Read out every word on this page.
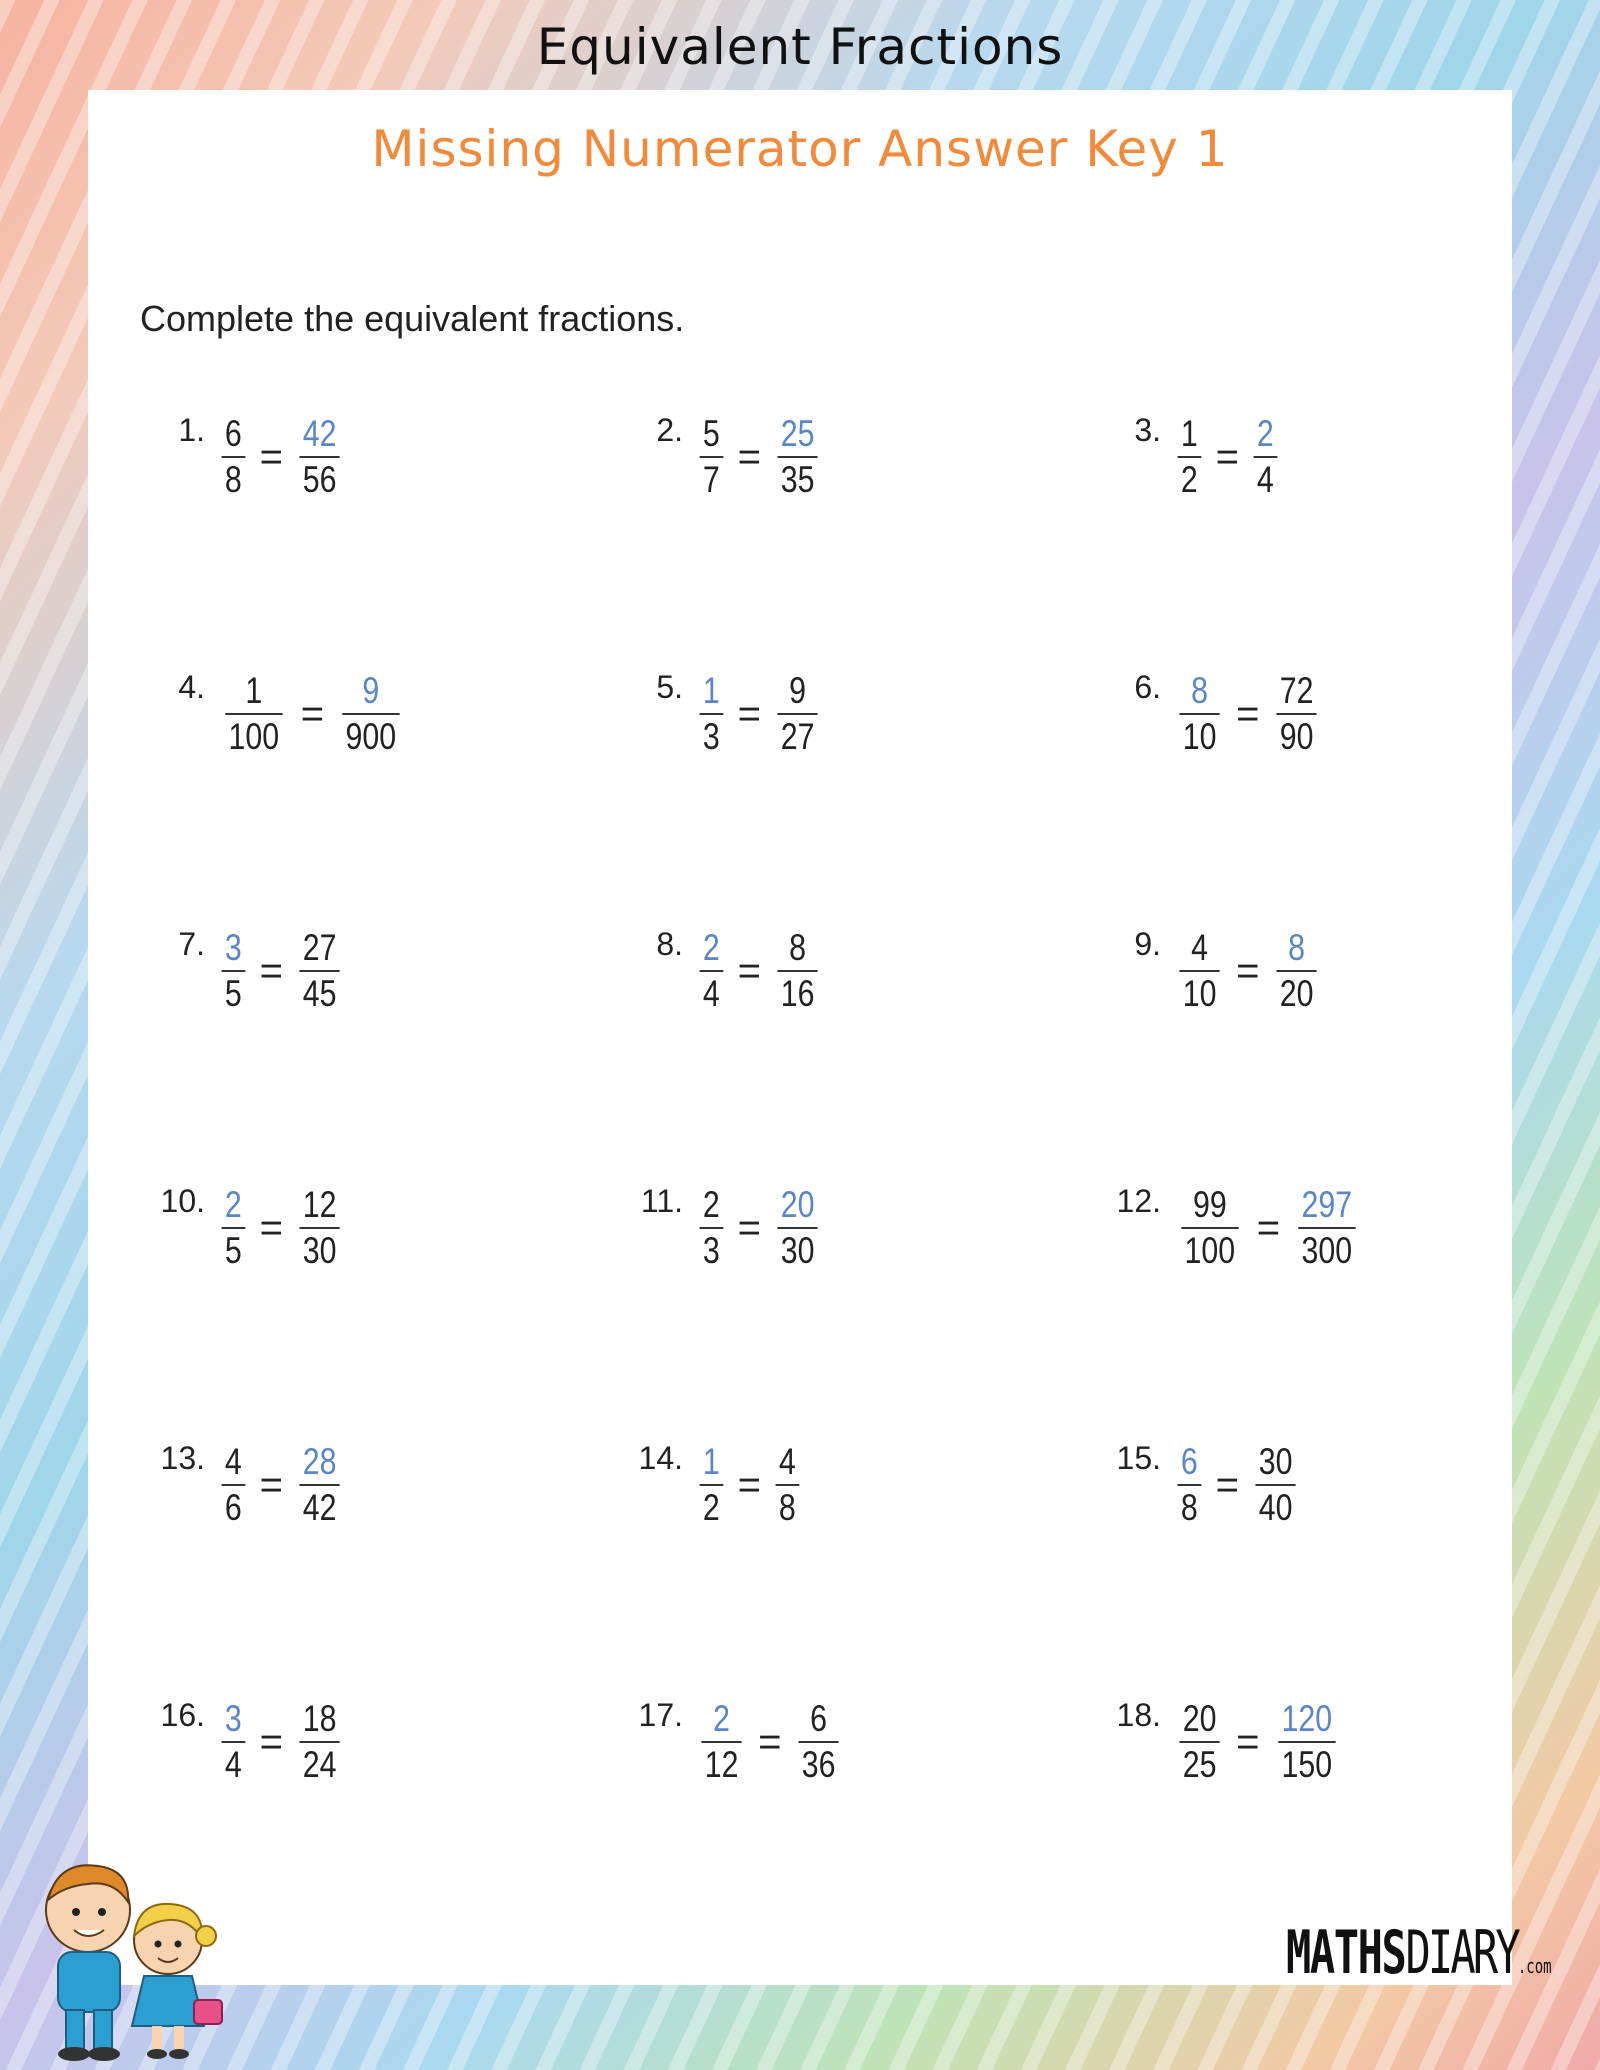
Equivalent Fractions
Missing Numerator Answer Key 1
Complete the equivalent fractions.
1. $\frac{6}{8} = \frac{42}{56}$	2. $\frac{5}{7} = \frac{25}{35}$	3. $\frac{1}{2} = \frac{2}{4}$
4. $\frac{1}{100} = \frac{9}{900}$	5. $\frac{1}{3} = \frac{9}{27}$	6. $\frac{8}{10} = \frac{72}{90}$
7. $\frac{3}{5} = \frac{27}{45}$	8. $\frac{2}{4} = \frac{8}{16}$	9. $\frac{4}{10} = \frac{8}{20}$
10. $\frac{2}{5} = \frac{12}{30}$	11. $\frac{2}{3} = \frac{20}{30}$	12. $\frac{99}{100} = \frac{297}{300}$
13. $\frac{4}{6} = \frac{28}{42}$	14. $\frac{1}{2} = \frac{4}{8}$	15. $\frac{6}{8} = \frac{30}{40}$
16. $\frac{3}{4} = \frac{18}{24}$	17. $\frac{2}{12} = \frac{6}{36}$	18. $\frac{20}{25} = \frac{120}{150}$
MATHSDIARY.com
